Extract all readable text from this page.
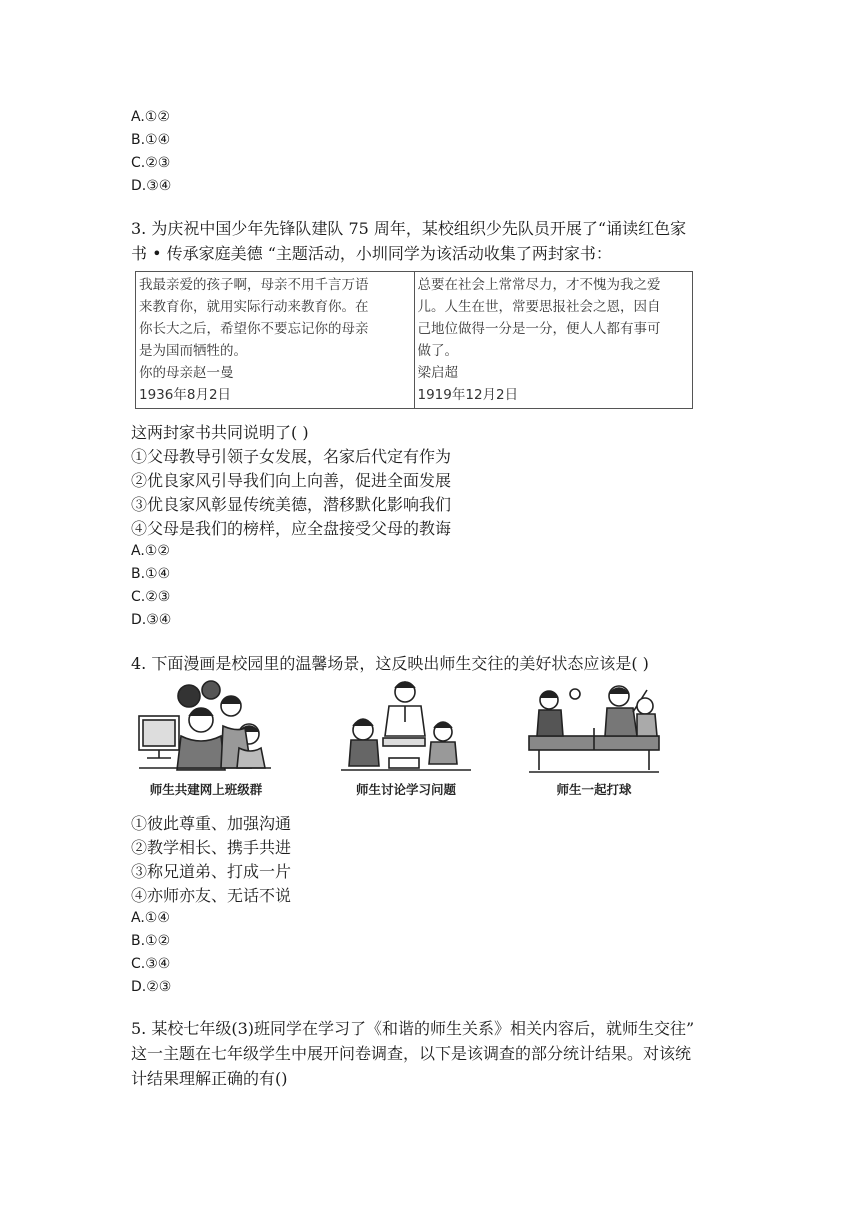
A.①②
B.①④
C.②③
D.③④
3. 为庆祝中国少年先锋队建队 75 周年，某校组织少先队员开展了“诵读红色家
书 • 传承家庭美德 “主题活动，小圳同学为该活动收集了两封家书：
我最亲爱的孩子啊，母亲不用千言万语
来教育你，就用实际行动来教育你。在
你长大之后，希望你不要忘记你的母亲
是为国而牺牲的。
你的母亲赵一曼
1936年8月2日

总要在社会上常常尽力，才不愧为我之爱
儿。人生在世，常要思报社会之恩，因自
己地位做得一分是一分，便人人都有事可
做了。
梁启超
1919年12月2日
这两封家书共同说明了( )
①父母教导引领子女发展，名家后代定有作为
②优良家风引导我们向上向善，促进全面发展
③优良家风彰显传统美德，潜移默化影响我们
④父母是我们的榜样，应全盘接受父母的教诲
A.①②
B.①④
C.②③
D.③④
4. 下面漫画是校园里的温馨场景，这反映出师生交往的美好状态应该是( )
师生共建网上班级群	师生讨论学习问题	师生一起打球
①彼此尊重、加强沟通
②教学相长、携手共进
③称兄道弟、打成一片
④亦师亦友、无话不说
A.①④
B.①②
C.③④
D.②③
5. 某校七年级(3)班同学在学习了《和谐的师生关系》相关内容后，就师生交往”
这一主题在七年级学生中展开问卷调查，以下是该调查的部分统计结果。对该统
计结果理解正确的有()
